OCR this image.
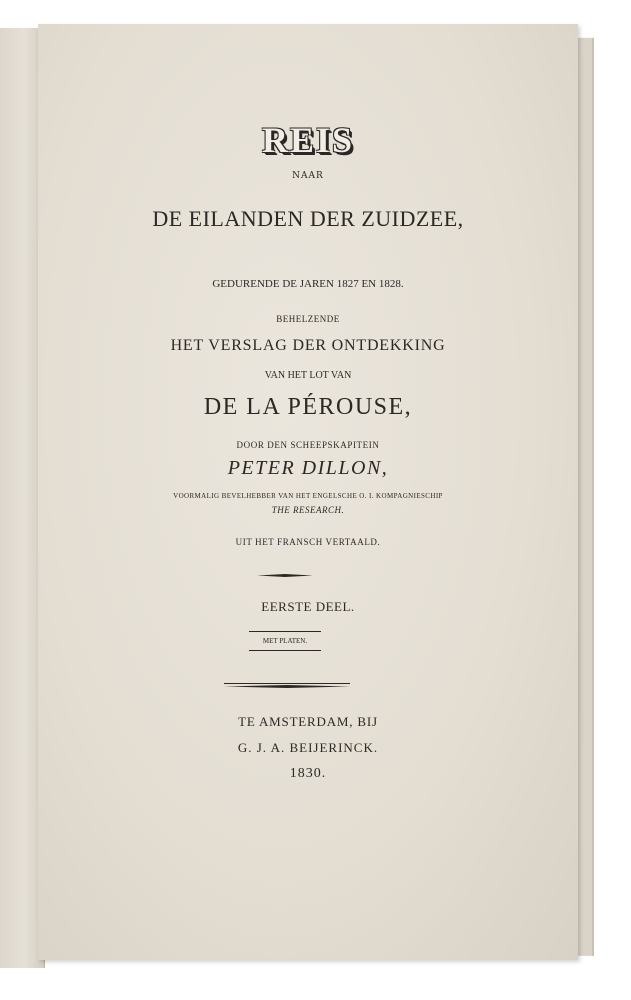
REIS
NAAR
DE EILANDEN DER ZUIDZEE,
GEDURENDE DE JAREN 1827 EN 1828.
BEHELZENDE
HET VERSLAG DER ONTDEKKING
VAN HET LOT VAN
DE LA PÉROUSE,
DOOR DEN SCHEEPSKAPITEIN
PETER DILLON,
VOORMALIG BEVELHEBBER VAN HET ENGELSCHE O. I. KOMPAGNIESCHIP
THE RESEARCH.
UIT HET FRANSCH VERTAALD.
EERSTE DEEL.
MET PLATEN.
TE AMSTERDAM, BIJ
G. J. A. BEIJERINCK.
1830.
